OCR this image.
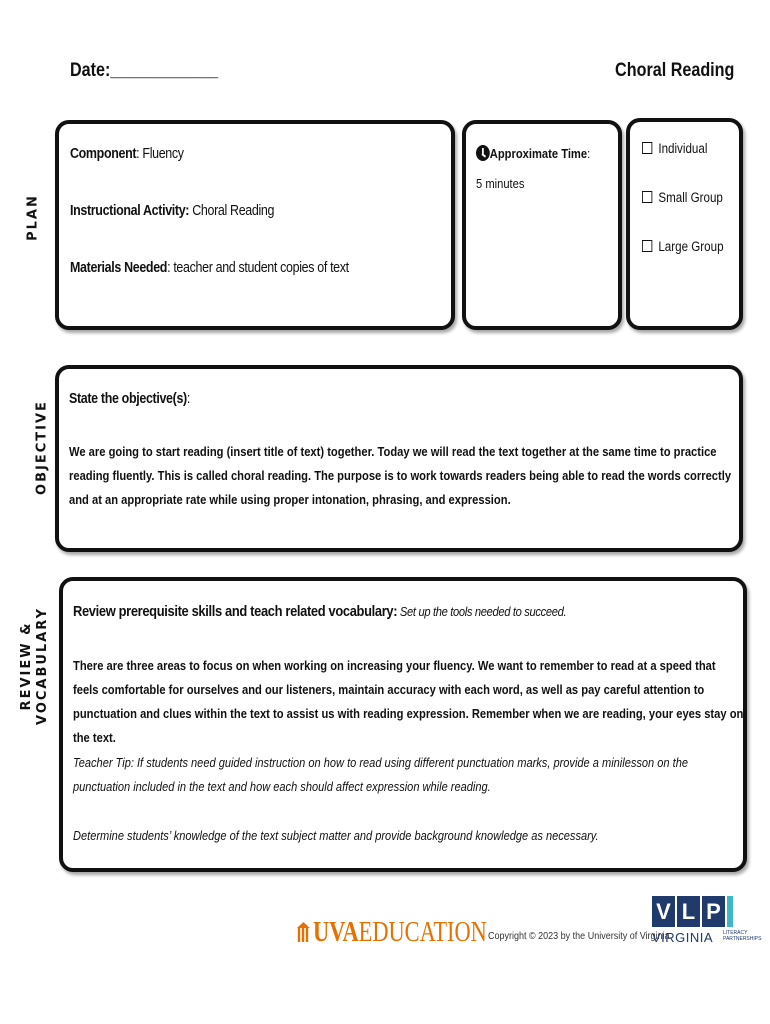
Date:____________	Choral Reading
PLAN
Component: Fluency
Instructional Activity: Choral Reading
Materials Needed: teacher and student copies of text
Approximate Time:
5 minutes
Individual
Small Group
Large Group
OBJECTIVE
State the objective(s):
We are going to start reading (insert title of text) together. Today we will read the text together at the same time to practice reading fluently. This is called choral reading. The purpose is to work towards readers being able to read the words correctly and at an appropriate rate while using proper intonation, phrasing, and expression.
REVIEW & VOCABULARY Review prerequisite skills and teach related vocabulary: Set up the tools needed to succeed.
There are three areas to focus on when working on increasing your fluency. We want to remember to read at a speed that feels comfortable for ourselves and our listeners, maintain accuracy with each word, as well as pay careful attention to punctuation and clues within the text to assist us with reading expression. Remember when we are reading, your eyes stay on the text.
Teacher Tip: If students need guided instruction on how to read using different punctuation marks, provide a minilesson on the punctuation included in the text and how each should affect expression while reading.
Determine students’ knowledge of the text subject matter and provide background knowledge as necessary.
UVAEDUCATION Copyright © 2023 by the University of Virginia
V L P
VIRGINIA LITERACY PARTNERSHIPS
